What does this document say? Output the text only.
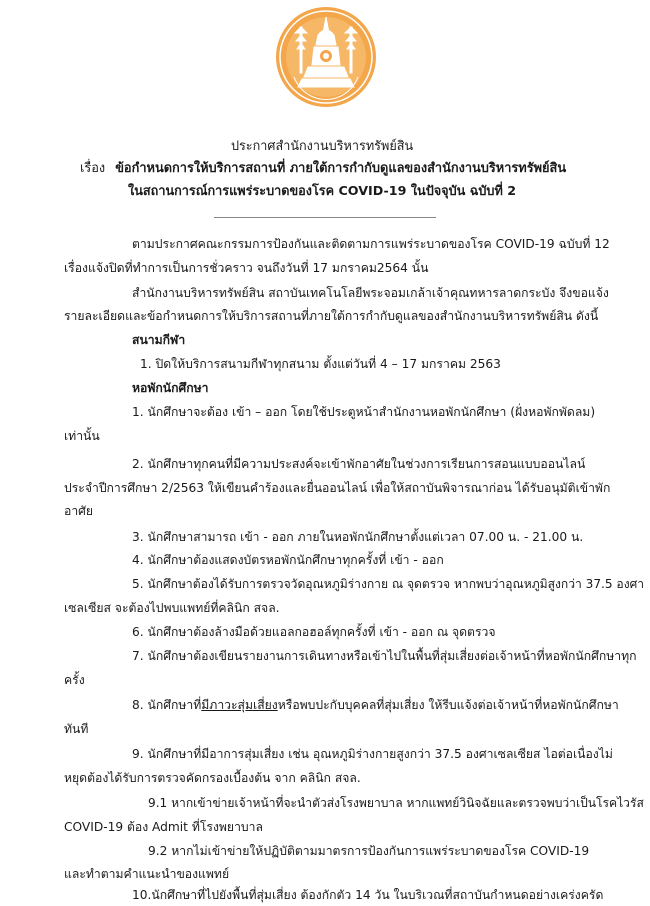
ประกาศสำนักงานบริหารทรัพย์สิน
เรื่อง ข้อกำหนดการให้บริการสถานที่ ภายใต้การกำกับดูแลของสำนักงานบริหารทรัพย์สิน
ในสถานการณ์การแพร่ระบาดของโรค COVID-19 ในปัจจุบัน ฉบับที่ 2
ตามประกาศคณะกรรมการป้องกันและติดตามการแพร่ระบาดของโรค COVID-19 ฉบับที่ 12
เรื่องแจ้งปิดที่ทำการเป็นการชั่วคราว จนถึงวันที่ 17 มกราคม2564 นั้น
สำนักงานบริหารทรัพย์สิน สถาบันเทคโนโลยีพระจอมเกล้าเจ้าคุณทหารลาดกระบัง จึงขอแจ้ง
รายละเอียดและข้อกำหนดการให้บริการสถานที่ภายใต้การกำกับดูแลของสำนักงานบริหารทรัพย์สิน ดังนี้
สนามกีฬา
1. ปิดให้บริการสนามกีฬาทุกสนาม ตั้งแต่วันที่ 4 – 17 มกราคม 2563
หอพักนักศึกษา
1. นักศึกษาจะต้อง เข้า – ออก โดยใช้ประตูหน้าสำนักงานหอพักนักศึกษา (ฝั่งหอพักพัดลม)
เท่านั้น
2. นักศึกษาทุกคนที่มีความประสงค์จะเข้าพักอาศัยในช่วงการเรียนการสอนแบบออนไลน์
ประจำปีการศึกษา 2/2563 ให้เขียนคำร้องและยื่นออนไลน์ เพื่อให้สถาบันพิจารณาก่อน ได้รับอนุมัติเข้าพัก
อาศัย
3. นักศึกษาสามารถ เข้า - ออก ภายในหอพักนักศึกษาตั้งแต่เวลา 07.00 น. - 21.00 น.
4. นักศึกษาต้องแสดงบัตรหอพักนักศึกษาทุกครั้งที่ เข้า - ออก
5. นักศึกษาต้องได้รับการตรวจวัดอุณหภูมิร่างกาย ณ จุดตรวจ หากพบว่าอุณหภูมิสูงกว่า 37.5 องศา
เซลเซียส จะต้องไปพบแพทย์ที่คลินิก สจล.
6. นักศึกษาต้องล้างมือด้วยแอลกอฮอล์ทุกครั้งที่ เข้า - ออก ณ จุดตรวจ
7. นักศึกษาต้องเขียนรายงานการเดินทางหรือเข้าไปในพื้นที่สุ่มเสี่ยงต่อเจ้าหน้าที่หอพักนักศึกษาทุก
ครั้ง
8. นักศึกษาที่มีภาวะสุ่มเสี่ยงหรือพบปะกับบุคคลที่สุ่มเสี่ยง ให้รีบแจ้งต่อเจ้าหน้าที่หอพักนักศึกษา
ทันที
9. นักศึกษาที่มีอาการสุ่มเสี่ยง เช่น อุณหภูมิร่างกายสูงกว่า 37.5 องศาเซลเซียส ไอต่อเนื่องไม่
หยุดต้องได้รับการตรวจคัดกรองเบื้องต้น จาก คลินิก สจล.
9.1 หากเข้าข่ายเจ้าหน้าที่จะนำตัวส่งโรงพยาบาล หากแพทย์วินิจฉัยและตรวจพบว่าเป็นโรคไวรัส
COVID-19 ต้อง Admit ที่โรงพยาบาล
9.2 หากไม่เข้าข่ายให้ปฏิบัติตามมาตรการป้องกันการแพร่ระบาดของโรค COVID-19
และทำตามคำแนะนำของแพทย์
10.นักศึกษาที่ไปยังพื้นที่สุ่มเสี่ยง ต้องกักตัว 14 วัน ในบริเวณที่สถาบันกำหนดอย่างเคร่งครัด
